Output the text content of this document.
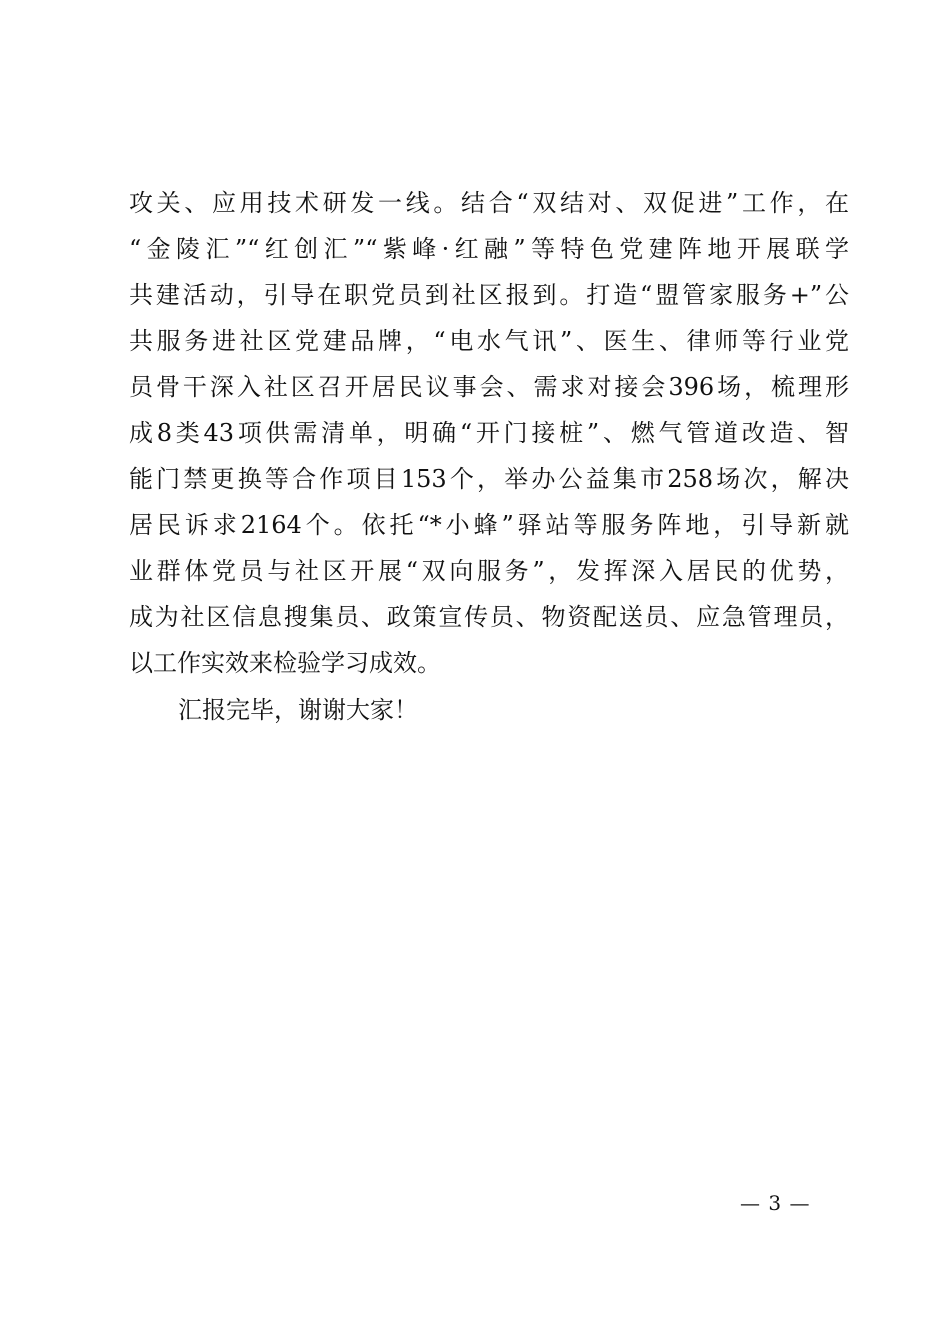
攻关、应用技术研发一线。结合“双结对、双促进”工作，在
“金陵汇”“红创汇”“紫峰·红融”等特色党建阵地开展联学
共建活动，引导在职党员到社区报到。打造“盟管家服务+”公
共服务进社区党建品牌，“电水气讯”、医生、律师等行业党
员骨干深入社区召开居民议事会、需求对接会396场，梳理形
成8类43项供需清单，明确“开门接桩”、燃气管道改造、智
能门禁更换等合作项目153个，举办公益集市258场次，解决
居民诉求2164个。依托“*小蜂”驿站等服务阵地，引导新就
业群体党员与社区开展“双向服务”，发挥深入居民的优势，
成为社区信息搜集员、政策宣传员、物资配送员、应急管理员，
以工作实效来检验学习成效。
汇报完毕，谢谢大家！
— 3 —
